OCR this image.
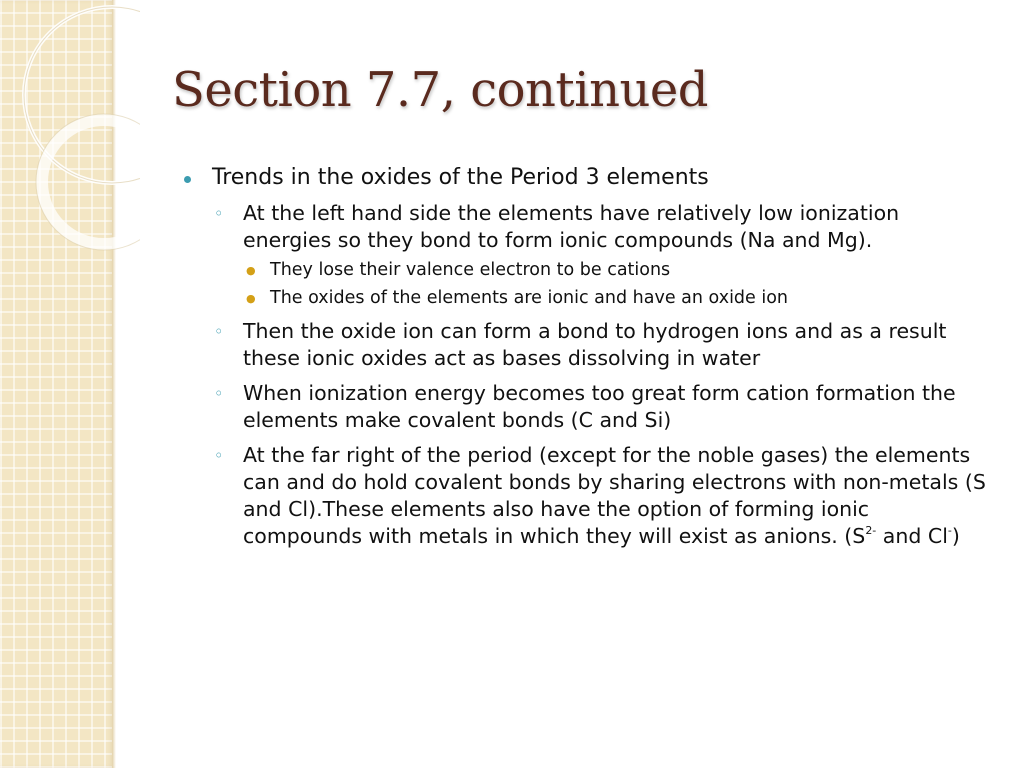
Section 7.7, continued
Trends in the oxides of the Period 3 elements
◦ At the left hand side the elements have relatively low ionization energies so they bond to form ionic compounds (Na and Mg).
● They lose their valence electron to be cations
● The oxides of the elements are ionic and have an oxide ion
◦ Then the oxide ion can form a bond to hydrogen ions and as a result these ionic oxides act as bases dissolving in water
◦ When ionization energy becomes too great form cation formation the elements make covalent bonds (C and Si)
◦ At the far right of the period (except for the noble gases) the elements can and do hold covalent bonds by sharing electrons with non-metals (S and Cl).These elements also have the option of forming ionic compounds with metals in which they will exist as anions. ($S^{2-}$ and Cl-)
